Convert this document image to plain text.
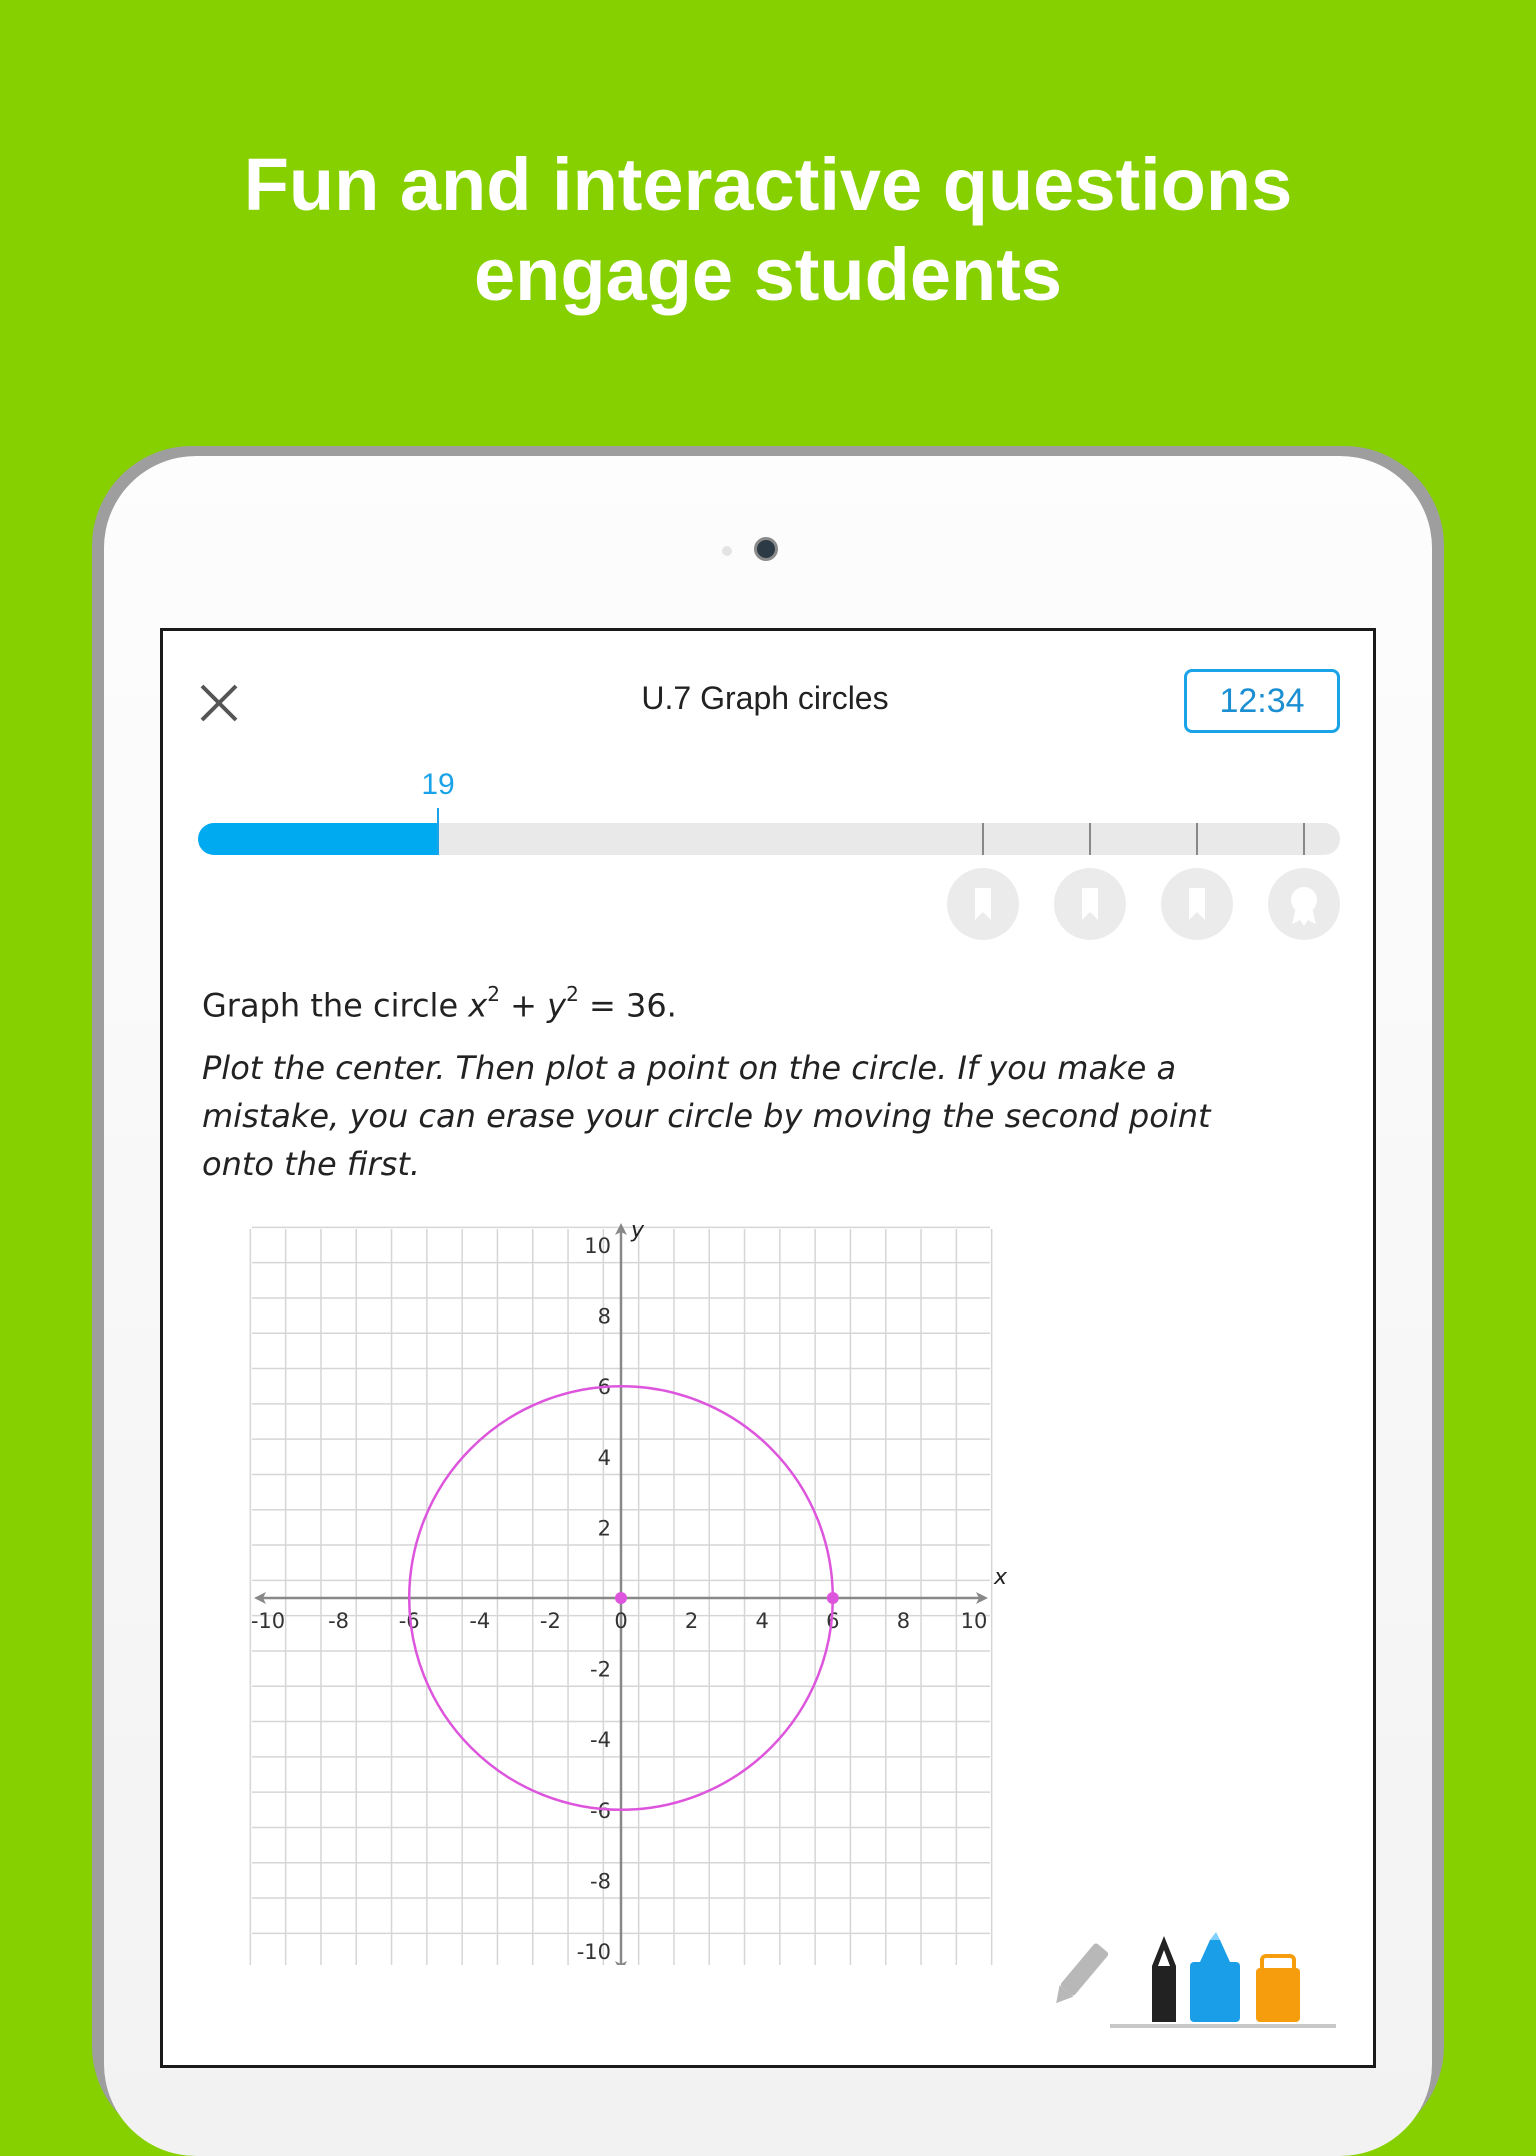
Fun and interactive questions
engage students
U.7 Graph circles	12:34
19
Graph the circle $x^2 + y^2 = 36$.
Plot the center. Then plot a point on the circle. If you make a mistake, you can erase your circle by moving the second point onto the first.
x
y
-10 -8 -6 -4 -2	0	2	4	6	8 10
10
8
6
4
2
-2
-4
-6
-8
-10
